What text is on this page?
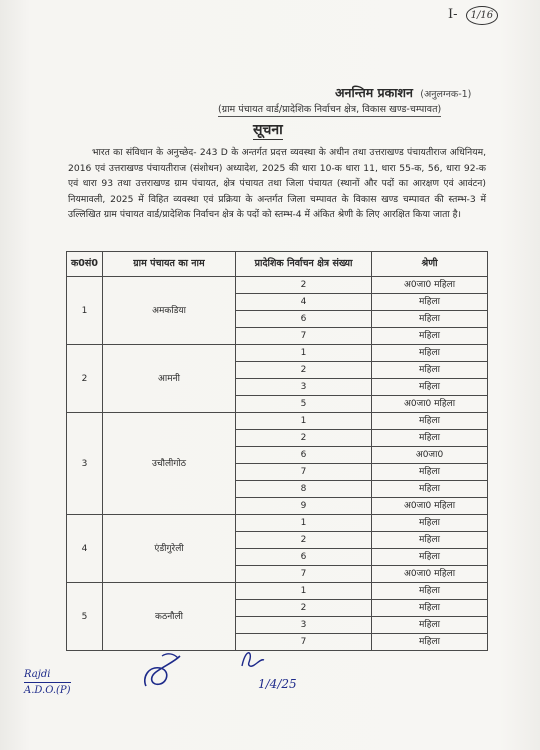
I- 1/16
अनन्तिम प्रकाशन (अनुलग्नक-1)
(ग्राम पंचायत वार्ड/प्रादेशिक निर्वाचन क्षेत्र, विकास खण्ड-चम्पावत)
सूचना
भारत का संविधान के अनुच्छेद- 243 D के अन्तर्गत प्रदत्त व्यवस्था के अधीन तथा उत्तराखण्ड पंचायतीराज अधिनियम, 2016 एवं उत्तराखण्ड पंचायतीराज (संशोधन) अध्यादेश, 2025 की धारा 10-क धारा 11, धारा 55-क, 56, धारा 92-क एवं धारा 93 तथा उत्तराखण्ड ग्राम पंचायत, क्षेत्र पंचायत तथा जिला पंचायत (स्थानों और पदों का आरक्षण एवं आवंटन) नियमावली, 2025 में विहित व्यवस्था एवं प्रक्रिया के अन्तर्गत जिला चम्पावत के विकास खण्ड चम्पावत की स्तम्भ-3 में उल्लिखित ग्राम पंचायत वार्ड/प्रादेशिक निर्वाचन क्षेत्र के पदों को स्तम्भ-4 में अंकित श्रेणी के लिए आरक्षित किया जाता है।
क0सं0	ग्राम पंचायत का नाम	प्रादेशिक निर्वाचन क्षेत्र संख्या	श्रेणी
1	अमकडिया	2	अ0जा0 महिला
		4	महिला
		6	महिला
		7	महिला
2	आमनी	1	महिला
		2	महिला
		3	महिला
		5	अ0जा0 महिला
3	उचौलीगोठ	1	महिला
		2	महिला
		6	अ0जा0
		7	महिला
		8	महिला
		9	अ0जा0 महिला
4	एंडीगुरेली	1	महिला
		2	महिला
		6	महिला
		7	अ0जा0 महिला
5	कठनौली	1	महिला
		2	महिला
		3	महिला
		7	महिला
Rajdi
A.D.O.(P)	1/4/25
